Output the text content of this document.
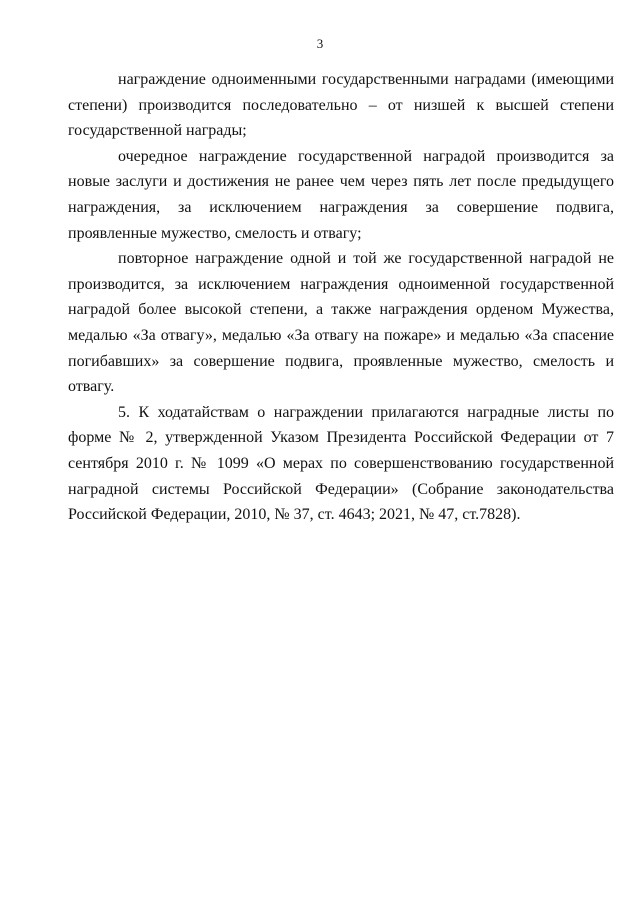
3

награждение одноименными государственными наградами (имеющими степени) производится последовательно – от низшей к высшей степени государственной награды;

очередное награждение государственной наградой производится за новые заслуги и достижения не ранее чем через пять лет после предыдущего награждения, за исключением награждения за совершение подвига, проявленные мужество, смелость и отвагу;

повторное награждение одной и той же государственной наградой не производится, за исключением награждения одноименной государственной наградой более высокой степени, а также награждения орденом Мужества, медалью «За отвагу», медалью «За отвагу на пожаре» и медалью «За спасение погибавших» за совершение подвига, проявленные мужество, смелость и отвагу.

5. К ходатайствам о награждении прилагаются наградные листы по форме № 2, утвержденной Указом Президента Российской Федерации от 7 сентября 2010 г. № 1099 «О мерах по совершенствованию государственной наградной системы Российской Федерации» (Собрание законодательства Российской Федерации, 2010, № 37, ст. 4643; 2021, № 47, ст.7828).
